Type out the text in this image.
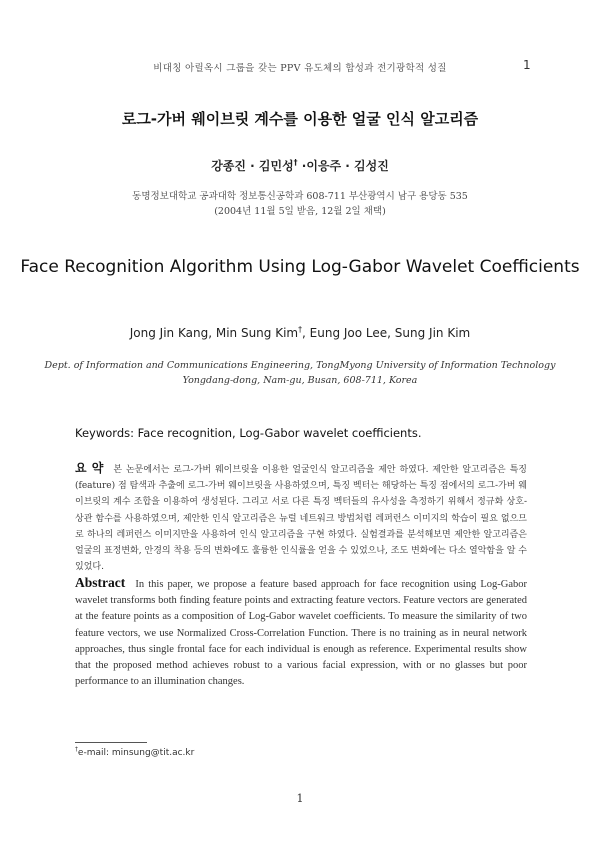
비대칭 아릴옥시 그룹을 갖는 PPV 유도체의 합성과 전기광학적 성질	1
로그-가버 웨이브릿 계수를 이용한 얼굴 인식 알고리즘
강종진 · 김민성† ·이응주 · 김성진
동명정보대학교 공과대학 정보통신공학과 608-711 부산광역시 남구 용당동 535
(2004년 11월 5일 받음, 12월 2일 채택)
Face Recognition Algorithm Using Log-Gabor Wavelet Coefficients
Jong Jin Kang, Min Sung Kim†, Eung Joo Lee, Sung Jin Kim
Dept. of Information and Communications Engineering, TongMyong University of Information Technology
Yongdang-dong, Nam-gu, Busan, 608-711, Korea
Keywords: Face recognition, Log-Gabor wavelet coefficients.
요 약 본 논문에서는 로그-가버 웨이브릿을 이용한 얼굴인식 알고리즘을 제안 하였다. 제안한 알고리즘은 특징(feature) 점 탐색과 추출에 로그-가버 웨이브릿을 사용하였으며, 특징 벡터는 해당하는 특징 점에서의 로그-가버 웨이브릿의 계수 조합을 이용하여 생성된다. 그리고 서로 다른 특징 벡터들의 유사성을 측정하기 위해서 정규화 상호-상관 함수를 사용하였으며, 제안한 인식 알고리즘은 뉴럴 네트워크 방법처럼 레퍼런스 이미지의 학습이 필요 없으므로 하나의 레퍼런스 이미지만을 사용하여 인식 알고리즘을 구현 하였다. 실험결과를 분석해보면 제안한 알고리즘은 얼굴의 표정변화, 안경의 착용 등의 변화에도 훌륭한 인식률을 얻을 수 있었으나, 조도 변화에는 다소 열악함을 알 수 있었다.
Abstract In this paper, we propose a feature based approach for face recognition using Log-Gabor wavelet transforms both finding feature points and extracting feature vectors. Feature vectors are generated at the feature points as a composition of Log-Gabor wavelet coefficients. To measure the similarity of two feature vectors, we use Normalized Cross-Correlation Function. There is no training as in neural network approaches, thus single frontal face for each individual is enough as reference. Experimental results show that the proposed method achieves robust to a various facial expression, with or no glasses but poor performance to an illumination changes.
†e-mail: minsung@tit.ac.kr
1
